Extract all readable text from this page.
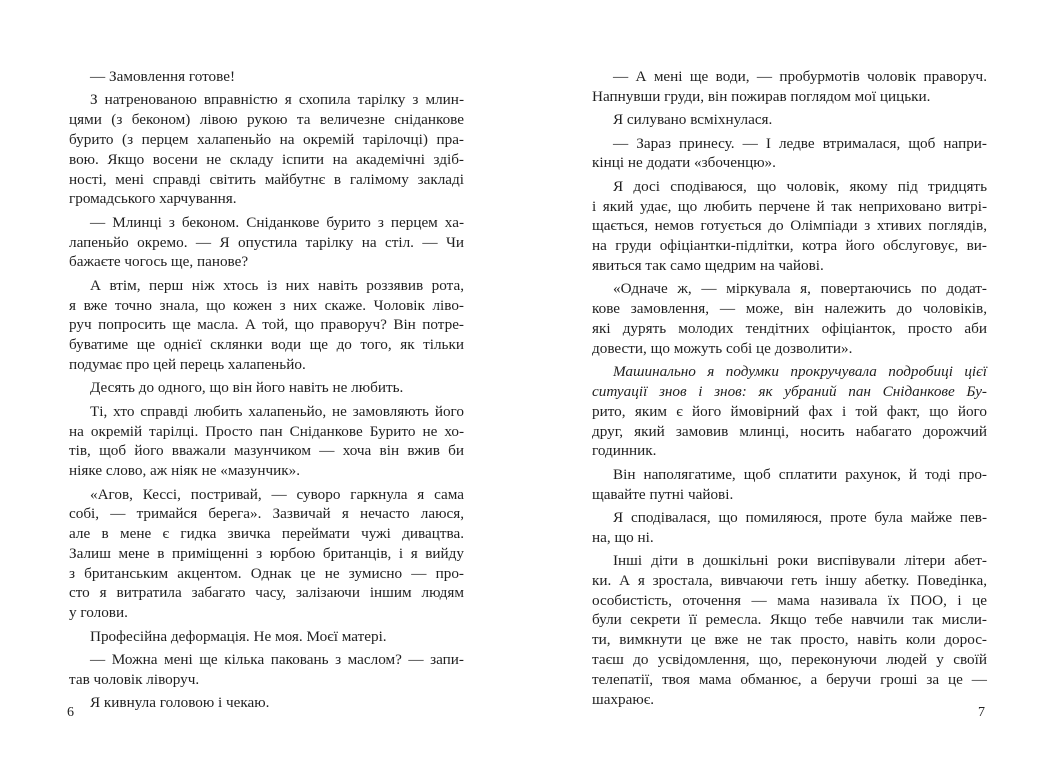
— Замовлення готове!

З натренованою вправністю я схопила тарілку з млин-
цями (з беконом) лівою рукою та величезне сніданкове
бурито (з перцем халапеньйо на окремій тарілочці) пра-
вою. Якщо восени не складу іспити на академічні здіб-
ності, мені справді світить майбутнє в галімому закладі
громадського харчування.

— Млинці з беконом. Сніданкове бурито з перцем ха-
лапеньйо окремо. — Я опустила тарілку на стіл. — Чи
бажаєте чогось ще, панове?

А втім, перш ніж хтось із них навіть роззявив рота,
я вже точно знала, що кожен з них скаже. Чоловік ліво-
руч попросить ще масла. А той, що праворуч? Він потре-
буватиме ще однієї склянки води ще до того, як тільки
подумає про цей перець халапеньйо.

Десять до одного, що він його навіть не любить.

Ті, хто справді любить халапеньйо, не замовляють його
на окремій тарілці. Просто пан Сніданкове Бурито не хо-
тів, щоб його вважали мазунчиком — хоча він вжив би
ніяке слово, аж ніяк не «мазунчик».

«Агов, Кессі, постривай, — суворо гаркнула я сама
собі, — тримайся берега». Зазвичай я нечасто лаюся,
але в мене є гидка звичка переймати чужі дивацтва.
Залиш мене в приміщенні з юрбою британців, і я вийду
з британським акцентом. Однак це не зумисно — про-
сто я витратила забагато часу, залізаючи іншим людям
у голови.

Професійна деформація. Не моя. Моєї матері.

— Можна мені ще кілька паковань з маслом? — запи-
тав чоловік ліворуч.

Я кивнула головою і чекаю.

6

— А мені ще води, — пробурмотів чоловік праворуч.
Напнувши груди, він пожирав поглядом мої цицьки.

Я силувано всміхнулася.

— Зараз принесу. — І ледве втрималася, щоб напри-
кінці не додати «збоченцю».

Я досі сподіваюся, що чоловік, якому під тридцять
і який удає, що любить перчене й так неприховано витрі-
щається, немов готується до Олімпіади з хтивих поглядів,
на груди офіціантки-підлітки, котра його обслуговує, ви-
явиться так само щедрим на чайові.

«Одначе ж, — міркувала я, повертаючись по додат-
кове замовлення, — може, він належить до чоловіків,
які дурять молодих тендітних офіціанток, просто аби
довести, що можуть собі це дозволити».

Машинально я подумки прокручувала подробиці цієї
ситуації знов і знов: як убраний пан Сніданкове Бу-
рито, яким є його ймовірний фах і той факт, що його
друг, який замовив млинці, носить набагато дорожчий
годинник.

Він наполягатиме, щоб сплатити рахунок, й тоді про-
щавайте путні чайові.

Я сподівалася, що помиляюся, проте була майже пев-
на, що ні.

Інші діти в дошкільні роки виспівували літери абет-
ки. А я зростала, вивчаючи геть іншу абетку. Поведінка,
особистість, оточення — мама називала їх ПОО, і це
були секрети її ремесла. Якщо тебе навчили так мисли-
ти, вимкнути це вже не так просто, навіть коли дорос-
таєш до усвідомлення, що, переконуючи людей у своїй
телепатії, твоя мама обманює, а беручи гроші за це —
шахраює.

7
